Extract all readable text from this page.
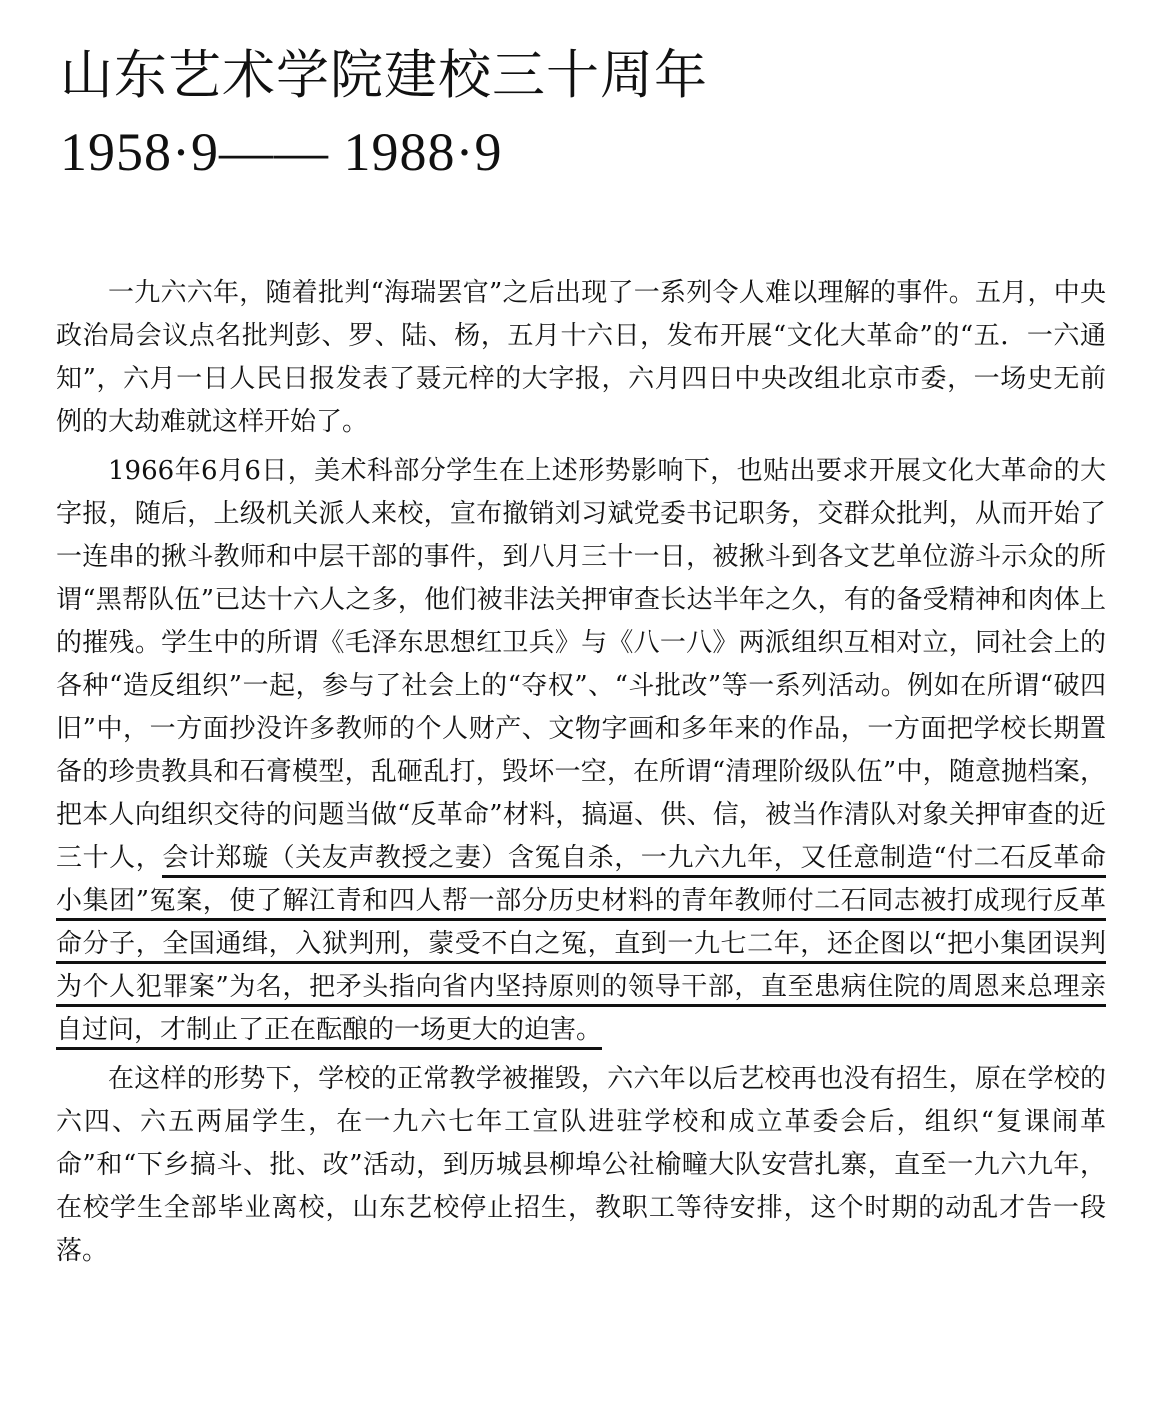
山东艺术学院建校三十周年
1958·9—— 1988·9

一九六六年，随着批判“海瑞罢官”之后出现了一系列令人难以理解的事件。五月，中央政治局会议点名批判彭、罗、陆、杨，五月十六日，发布开展“文化大革命”的“五．一六通知”，六月一日人民日报发表了聂元梓的大字报，六月四日中央改组北京市委，一场史无前例的大劫难就这样开始了。

1966年6月6日，美术科部分学生在上述形势影响下，也贴出要求开展文化大革命的大字报，随后，上级机关派人来校，宣布撤销刘习斌党委书记职务，交群众批判，从而开始了一连串的揪斗教师和中层干部的事件，到八月三十一日，被揪斗到各文艺单位游斗示众的所谓“黑帮队伍”已达十六人之多，他们被非法关押审查长达半年之久，有的备受精神和肉体上的摧残。学生中的所谓《毛泽东思想红卫兵》与《八一八》两派组织互相对立，同社会上的各种“造反组织”一起，参与了社会上的“夺权”、“斗批改”等一系列活动。例如在所谓“破四旧”中，一方面抄没许多教师的个人财产、文物字画和多年来的作品，一方面把学校长期置备的珍贵教具和石膏模型，乱砸乱打，毁坏一空，在所谓“清理阶级队伍”中，随意抛档案，把本人向组织交待的问题当做“反革命”材料，搞逼、供、信，被当作清队对象关押审查的近三十人，会计郑璇（关友声教授之妻）含冤自杀，一九六九年，又任意制造“付二石反革命小集团”冤案，使了解江青和四人帮一部分历史材料的青年教师付二石同志被打成现行反革命分子，全国通缉，入狱判刑，蒙受不白之冤，直到一九七二年，还企图以“把小集团误判为个人犯罪案”为名，把矛头指向省内坚持原则的领导干部，直至患病住院的周恩来总理亲自过问，才制止了正在酝酿的一场更大的迫害。

在这样的形势下，学校的正常教学被摧毁，六六年以后艺校再也没有招生，原在学校的六四、六五两届学生，在一九六七年工宣队进驻学校和成立革委会后，组织“复课闹革命”和“下乡搞斗、批、改”活动，到历城县柳埠公社榆疃大队安营扎寨，直至一九六九年，在校学生全部毕业离校，山东艺校停止招生，教职工等待安排，这个时期的动乱才告一段落。
